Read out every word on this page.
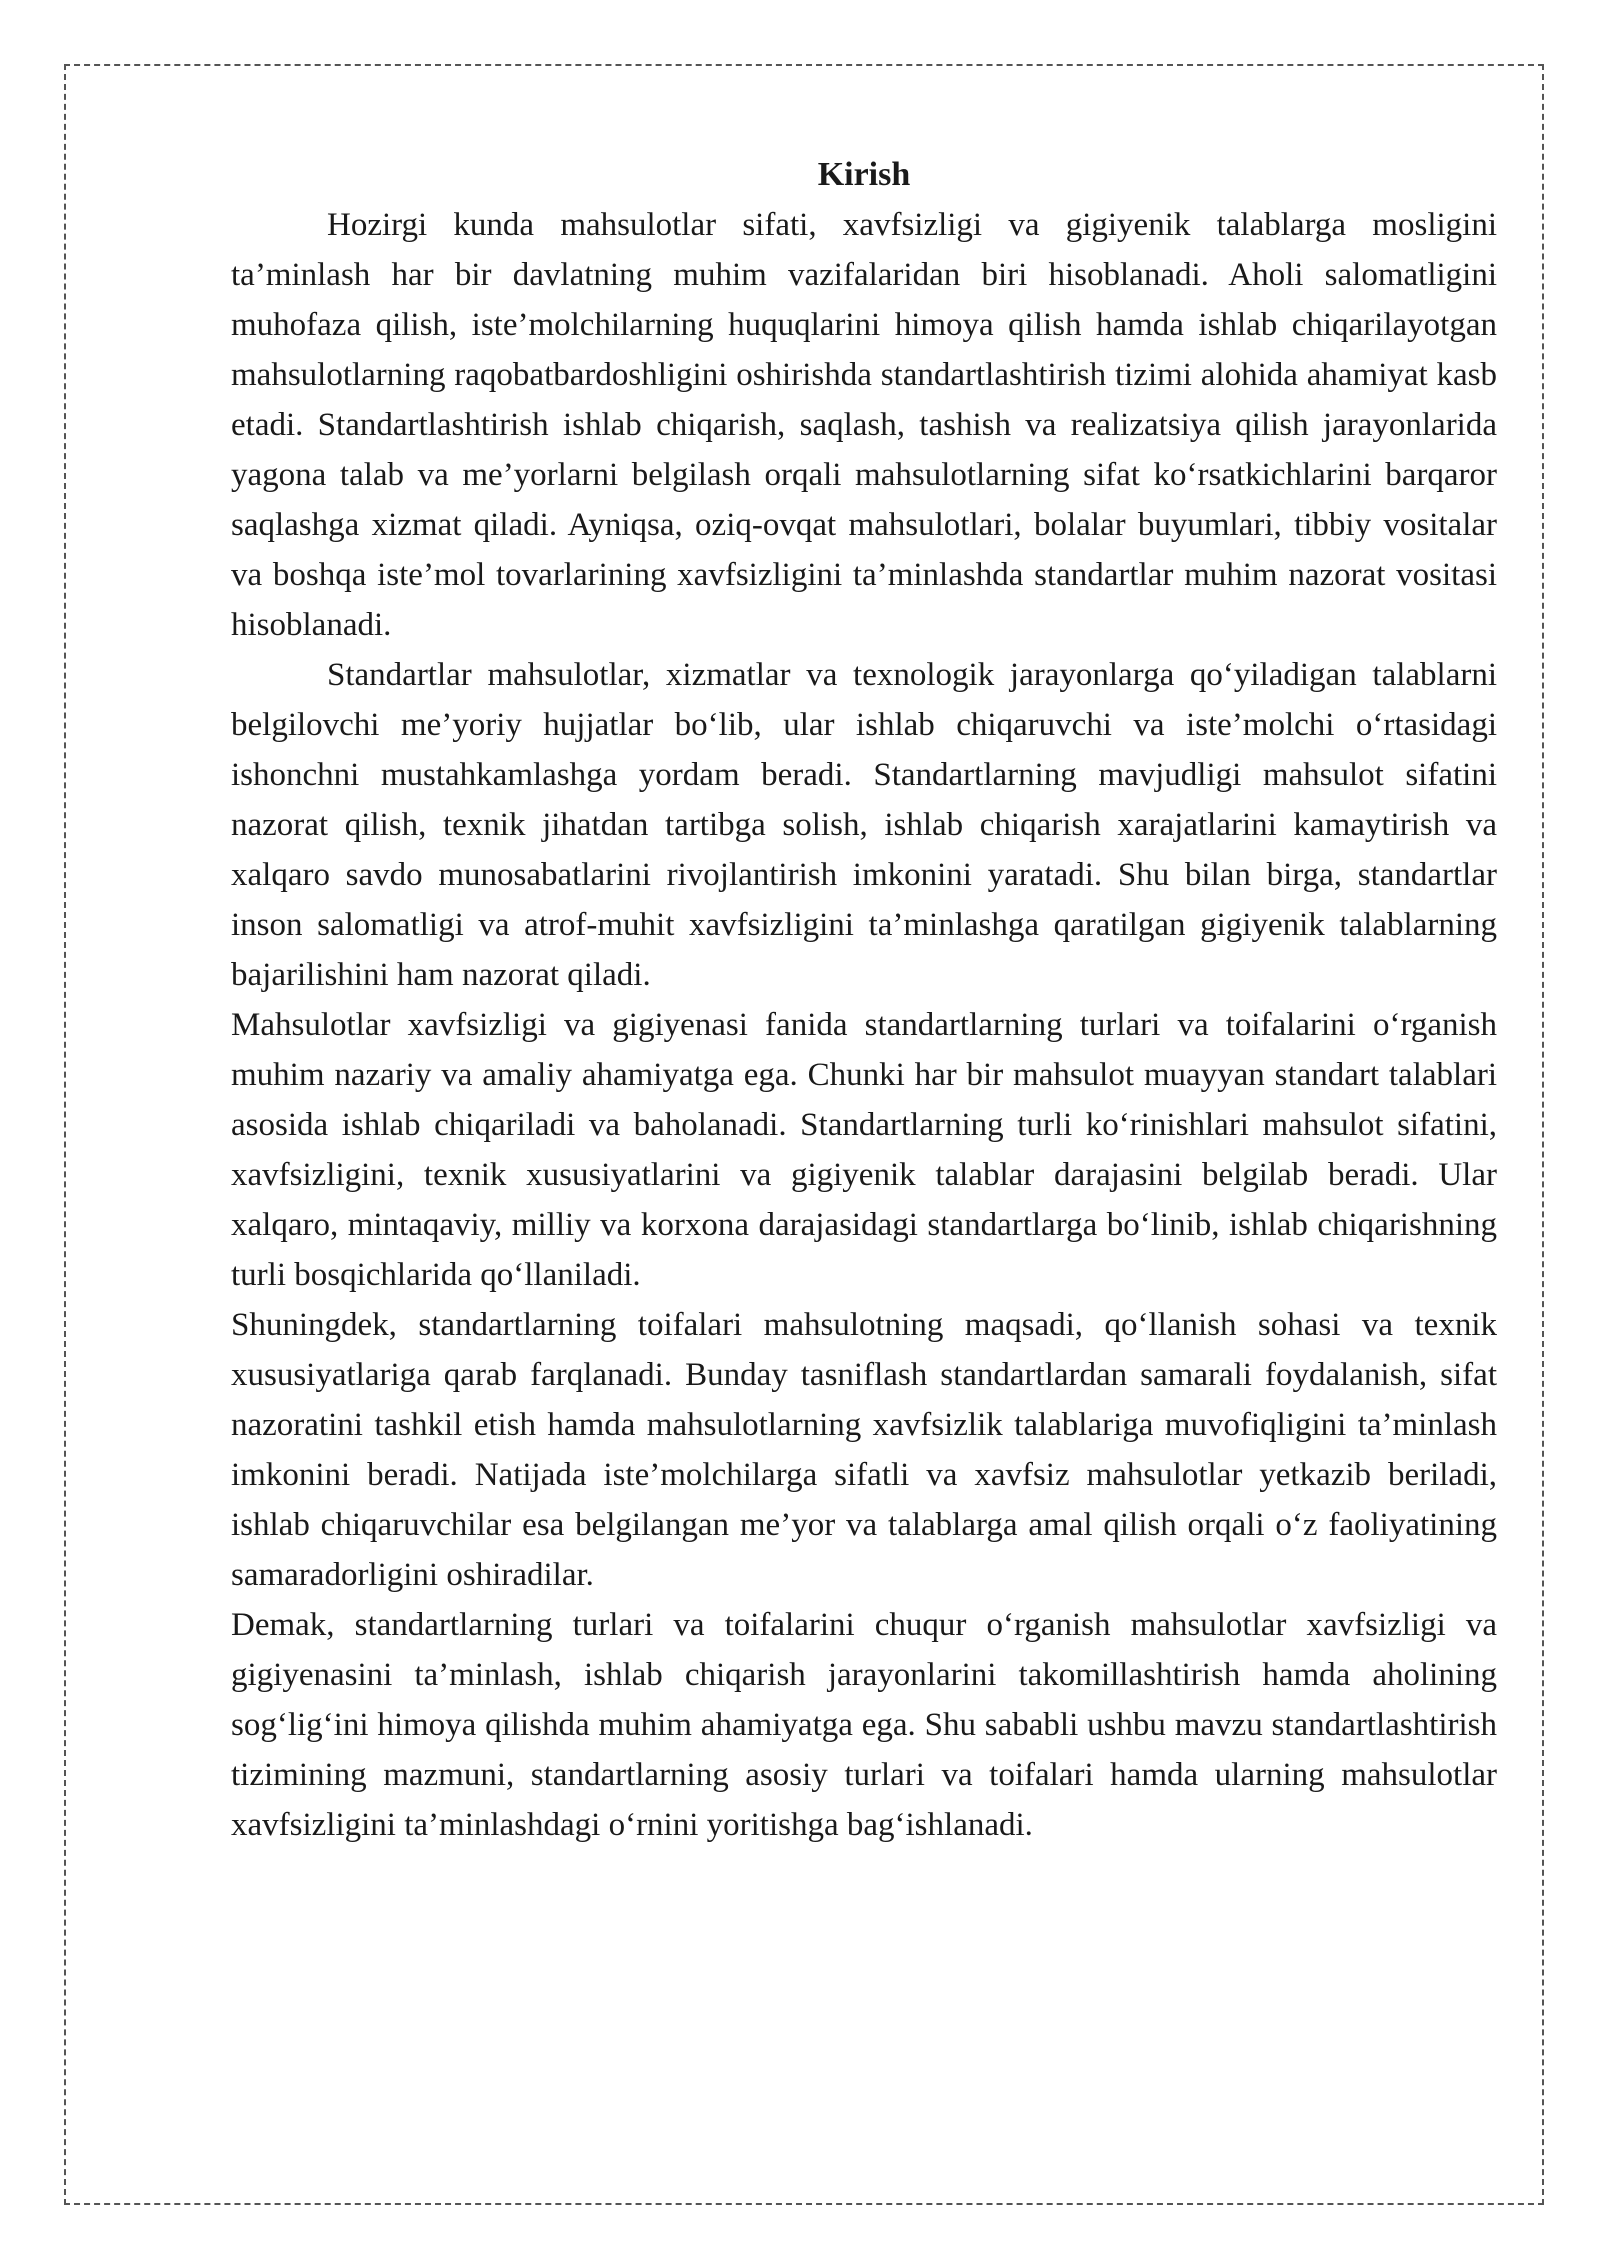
Kirish

Hozirgi kunda mahsulotlar sifati, xavfsizligi va gigiyenik talablarga mosligini ta’minlash har bir davlatning muhim vazifalaridan biri hisoblanadi. Aholi salomatligini muhofaza qilish, iste’molchilarning huquqlarini himoya qilish hamda ishlab chiqarilayotgan mahsulotlarning raqobatbardoshligini oshirishda standartlashtirish tizimi alohida ahamiyat kasb etadi. Standartlashtirish ishlab chiqarish, saqlash, tashish va realizatsiya qilish jarayonlarida yagona talab va me’yorlarni belgilash orqali mahsulotlarning sifat ko‘rsatkichlarini barqaror saqlashga xizmat qiladi. Ayniqsa, oziq-ovqat mahsulotlari, bolalar buyumlari, tibbiy vositalar va boshqa iste’mol tovarlarining xavfsizligini ta’minlashda standartlar muhim nazorat vositasi hisoblanadi.

Standartlar mahsulotlar, xizmatlar va texnologik jarayonlarga qo‘yiladigan talablarni belgilovchi me’yoriy hujjatlar bo‘lib, ular ishlab chiqaruvchi va iste’molchi o‘rtasidagi ishonchni mustahkamlashga yordam beradi. Standartlarning mavjudligi mahsulot sifatini nazorat qilish, texnik jihatdan tartibga solish, ishlab chiqarish xarajatlarini kamaytirish va xalqaro savdo munosabatlarini rivojlantirish imkonini yaratadi. Shu bilan birga, standartlar inson salomatligi va atrof-muhit xavfsizligini ta’minlashga qaratilgan gigiyenik talablarning bajarilishini ham nazorat qiladi.

Mahsulotlar xavfsizligi va gigiyenasi fanida standartlarning turlari va toifalarini o‘rganish muhim nazariy va amaliy ahamiyatga ega. Chunki har bir mahsulot muayyan standart talablari asosida ishlab chiqariladi va baholanadi. Standartlarning turli ko‘rinishlari mahsulot sifatini, xavfsizligini, texnik xususiyatlarini va gigiyenik talablar darajasini belgilab beradi. Ular xalqaro, mintaqaviy, milliy va korxona darajasidagi standartlarga bo‘linib, ishlab chiqarishning turli bosqichlarida qo‘llaniladi.

Shuningdek, standartlarning toifalari mahsulotning maqsadi, qo‘llanish sohasi va texnik xususiyatlariga qarab farqlanadi. Bunday tasniflash standartlardan samarali foydalanish, sifat nazoratini tashkil etish hamda mahsulotlarning xavfsizlik talablariga muvofiqligini ta’minlash imkonini beradi. Natijada iste’molchilarga sifatli va xavfsiz mahsulotlar yetkazib beriladi, ishlab chiqaruvchilar esa belgilangan me’yor va talablarga amal qilish orqali o‘z faoliyatining samaradorligini oshiradilar.

Demak, standartlarning turlari va toifalarini chuqur o‘rganish mahsulotlar xavfsizligi va gigiyenasini ta’minlash, ishlab chiqarish jarayonlarini takomillashtirish hamda aholining sog‘lig‘ini himoya qilishda muhim ahamiyatga ega. Shu sababli ushbu mavzu standartlashtirish tizimining mazmuni, standartlarning asosiy turlari va toifalari hamda ularning mahsulotlar xavfsizligini ta’minlashdagi o‘rnini yoritishga bag‘ishlanadi.
